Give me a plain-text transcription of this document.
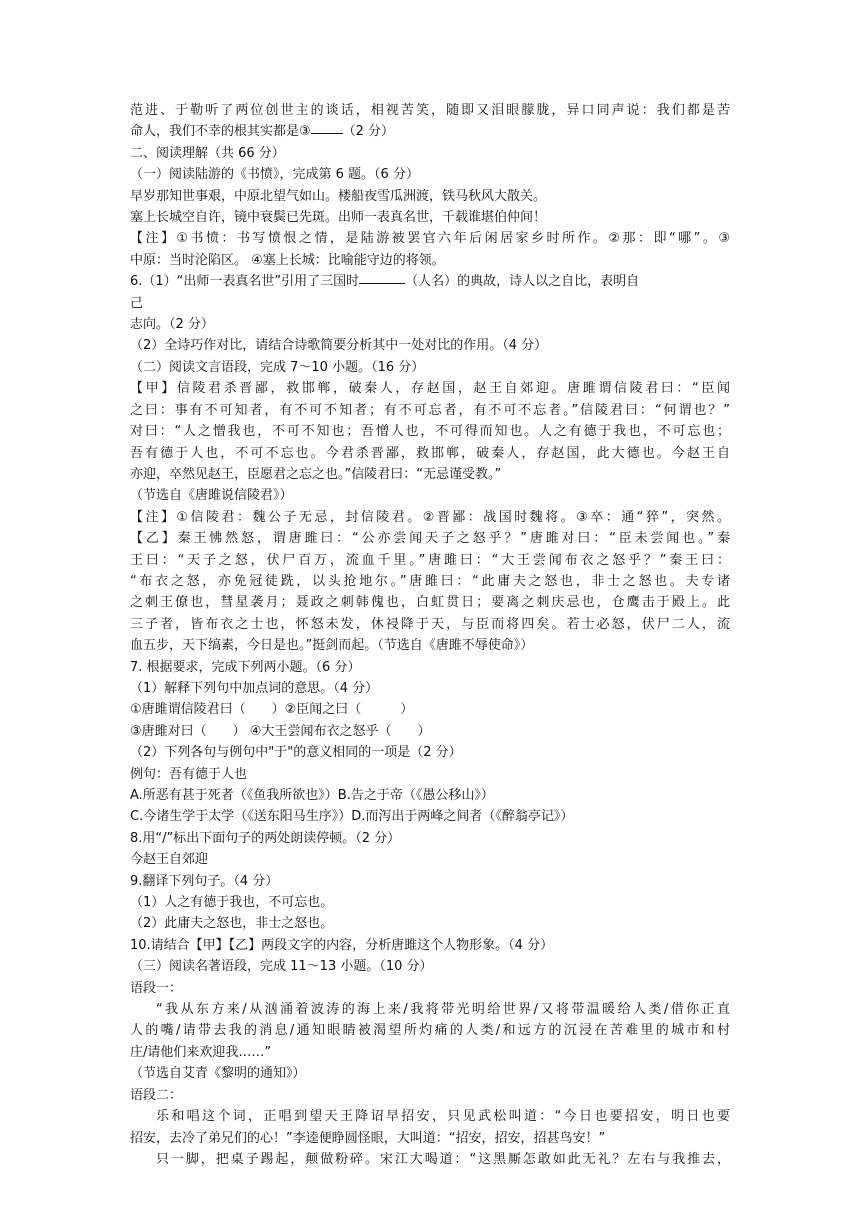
范进、于勒听了两位创世主的谈话，相视苦笑，随即又泪眼朦胧，异口同声说：我们都是苦
命人，我们不幸的根其实都是③ （2 分）
二、阅读理解（共 66 分）
（一）阅读陆游的《书愤》，完成第 6 题。（6 分）
早岁那知世事艰，中原北望气如山。楼船夜雪瓜洲渡，铁马秋风大散关。
塞上长城空自许，镜中衰鬓已先斑。出师一表真名世，千载谁堪伯仲间！
【注】①书愤：书写愤恨之情，是陆游被罢官六年后闲居家乡时所作。②那：即“哪”。③
中原：当时沦陷区。 ④塞上长城：比喻能守边的将领。
6.（1）“出师一表真名世”引用了三国时	（人名）的典故，诗人以之自比，表明自
己
志向。（2 分）
（2）全诗巧作对比，请结合诗歌简要分析其中一处对比的作用。（4 分）
（二）阅读文言语段，完成 7～10 小题。（16 分）
【甲】信陵君杀晋鄙，救邯郸，破秦人，存赵国，赵王自郊迎。唐雎谓信陵君曰：“臣闻
之曰：事有不可知者，有不可不知者；有不可忘者，有不可不忘者。”信陵君曰：“何谓也？”
对曰：“人之憎我也，不可不知也；吾憎人也，不可得而知也。人之有德于我也，不可忘也；
吾有德于人也，不可不忘也。今君杀晋鄙，救邯郸，破秦人，存赵国，此大德也。今赵王自
亦迎，卒然见赵王，臣愿君之忘之也。”信陵君曰：“无忌谨受教。”
（节选自《唐雎说信陵君》）
【注】①信陵君：魏公子无忌，封信陵君。②晋鄙：战国时魏将。③卒：通“猝”，突然。
【乙】秦王怫然怒，谓唐雎曰：“公亦尝闻天子之怒乎？”唐雎对曰：“臣未尝闻也。”秦
王曰：“天子之怒，伏尸百万，流血千里。”唐雎曰：“大王尝闻布衣之怒乎？”秦王曰：
“布衣之怒，亦免冠徒跣，以头抢地尔。”唐雎曰：“此庸夫之怒也，非士之怒也。夫专诸
之刺王僚也，彗星袭月；聂政之刺韩傀也，白虹贯日；要离之刺庆忌也，仓鹰击于殿上。此
三子者，皆布衣之士也，怀怒未发，休祲降于天，与臣而将四矣。若士必怒，伏尸二人，流
血五步，天下缟素，今日是也。”挺剑而起。（节选自《唐雎不辱使命》）
7. 根据要求，完成下列两小题。（6 分）
（1）解释下列句中加点词的意思。（4 分）
①唐雎谓信陵君曰（　　）②臣闻之曰（　　　）
③唐雎对曰（　　） ④大王尝闻布衣之怒乎（　　）
（2）下列各句与例句中"于"的意义相同的一项是（2 分）
例句：吾有德于人也
A.所恶有甚于死者（《鱼我所欲也》）B.告之于帝（《愚公移山》）
C.今诸生学于太学（《送东阳马生序》）D.而泻出于两峰之间者（《醉翁亭记》）
8.用“/”标出下面句子的两处朗读停顿。（2 分）
今赵王自郊迎
9.翻译下列句子。（4 分）
（1）人之有德于我也，不可忘也。
（2）此庸夫之怒也，非士之怒也。
10.请结合【甲】【乙】两段文字的内容，分析唐雎这个人物形象。（4 分）
（三）阅读名著语段，完成 11～13 小题。（10 分）
语段一：
“我从东方来/从汹涌着波涛的海上来/我将带光明给世界/又将带温暖给人类/借你正直
人的嘴/请带去我的消息/通知眼睛被渴望所灼痛的人类/和远方的沉浸在苦难里的城市和村
庄/请他们来欢迎我……”
（节选自艾青《黎明的通知》）
语段二：
乐和唱这个词，正唱到望天王降诏早招安，只见武松叫道：“今日也要招安，明日也要
招安，去冷了弟兄们的心！”李逵便睁圆怪眼，大叫道：“招安，招安，招甚鸟安！”
只一脚，把桌子踢起，颠做粉碎。宋江大喝道：“这黑厮怎敢如此无礼？左右与我推去，
